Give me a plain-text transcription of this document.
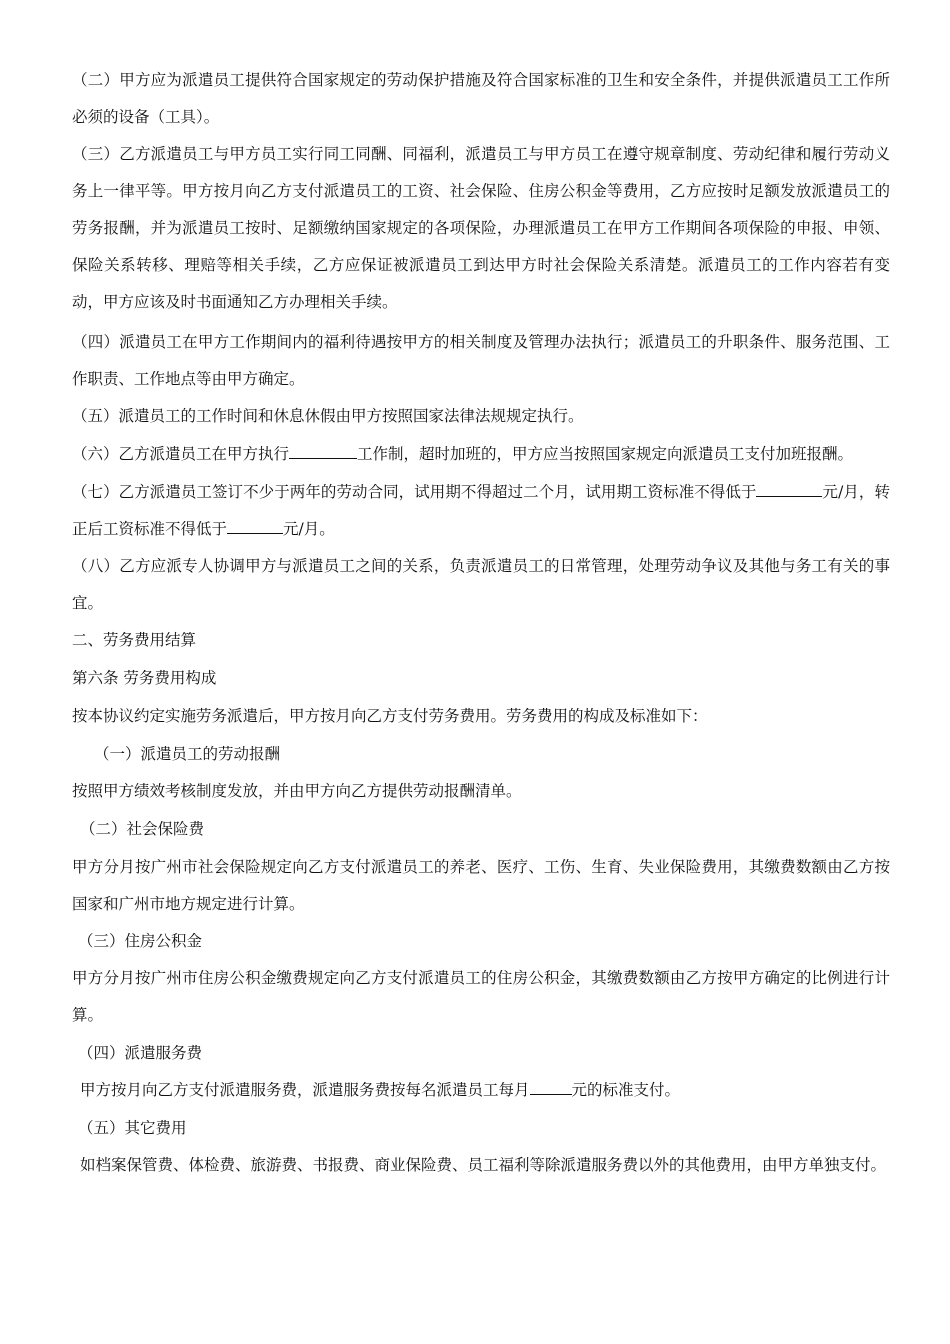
（二）甲方应为派遣员工提供符合国家规定的劳动保护措施及符合国家标准的卫生和安全条件，并提供派遣员工工作所必须的设备（工具）。

（三）乙方派遣员工与甲方员工实行同工同酬、同福利，派遣员工与甲方员工在遵守规章制度、劳动纪律和履行劳动义务上一律平等。甲方按月向乙方支付派遣员工的工资、社会保险、住房公积金等费用，乙方应按时足额发放派遣员工的劳务报酬，并为派遣员工按时、足额缴纳国家规定的各项保险，办理派遣员工在甲方工作期间各项保险的申报、申领、保险关系转移、理赔等相关手续，乙方应保证被派遣员工到达甲方时社会保险关系清楚。派遣员工的工作内容若有变动，甲方应该及时书面通知乙方办理相关手续。

（四）派遣员工在甲方工作期间内的福利待遇按甲方的相关制度及管理办法执行；派遣员工的升职条件、服务范围、工作职责、工作地点等由甲方确定。

（五）派遣员工的工作时间和休息休假由甲方按照国家法律法规规定执行。

（六）乙方派遣员工在甲方执行	工作制，超时加班的，甲方应当按照国家规定向派遣员工支付加班报酬。

（七）乙方派遣员工签订不少于两年的劳动合同，试用期不得超过二个月，试用期工资标准不得低于	元/月，转正后工资标准不得低于	元/月。

（八）乙方应派专人协调甲方与派遣员工之间的关系，负责派遣员工的日常管理，处理劳动争议及其他与务工有关的事宜。

二、劳务费用结算

第六条 劳务费用构成

按本协议约定实施劳务派遣后，甲方按月向乙方支付劳务费用。劳务费用的构成及标准如下：

（一）派遣员工的劳动报酬

按照甲方绩效考核制度发放，并由甲方向乙方提供劳动报酬清单。

（二）社会保险费

甲方分月按广州市社会保险规定向乙方支付派遣员工的养老、医疗、工伤、生育、失业保险费用，其缴费数额由乙方按国家和广州市地方规定进行计算。

（三）住房公积金

甲方分月按广州市住房公积金缴费规定向乙方支付派遣员工的住房公积金，其缴费数额由乙方按甲方确定的比例进行计算。

（四）派遣服务费

甲方按月向乙方支付派遣服务费，派遣服务费按每名派遣员工每月	元的标准支付。

（五）其它费用

如档案保管费、体检费、旅游费、书报费、商业保险费、员工福利等除派遣服务费以外的其他费用，由甲方单独支付。
